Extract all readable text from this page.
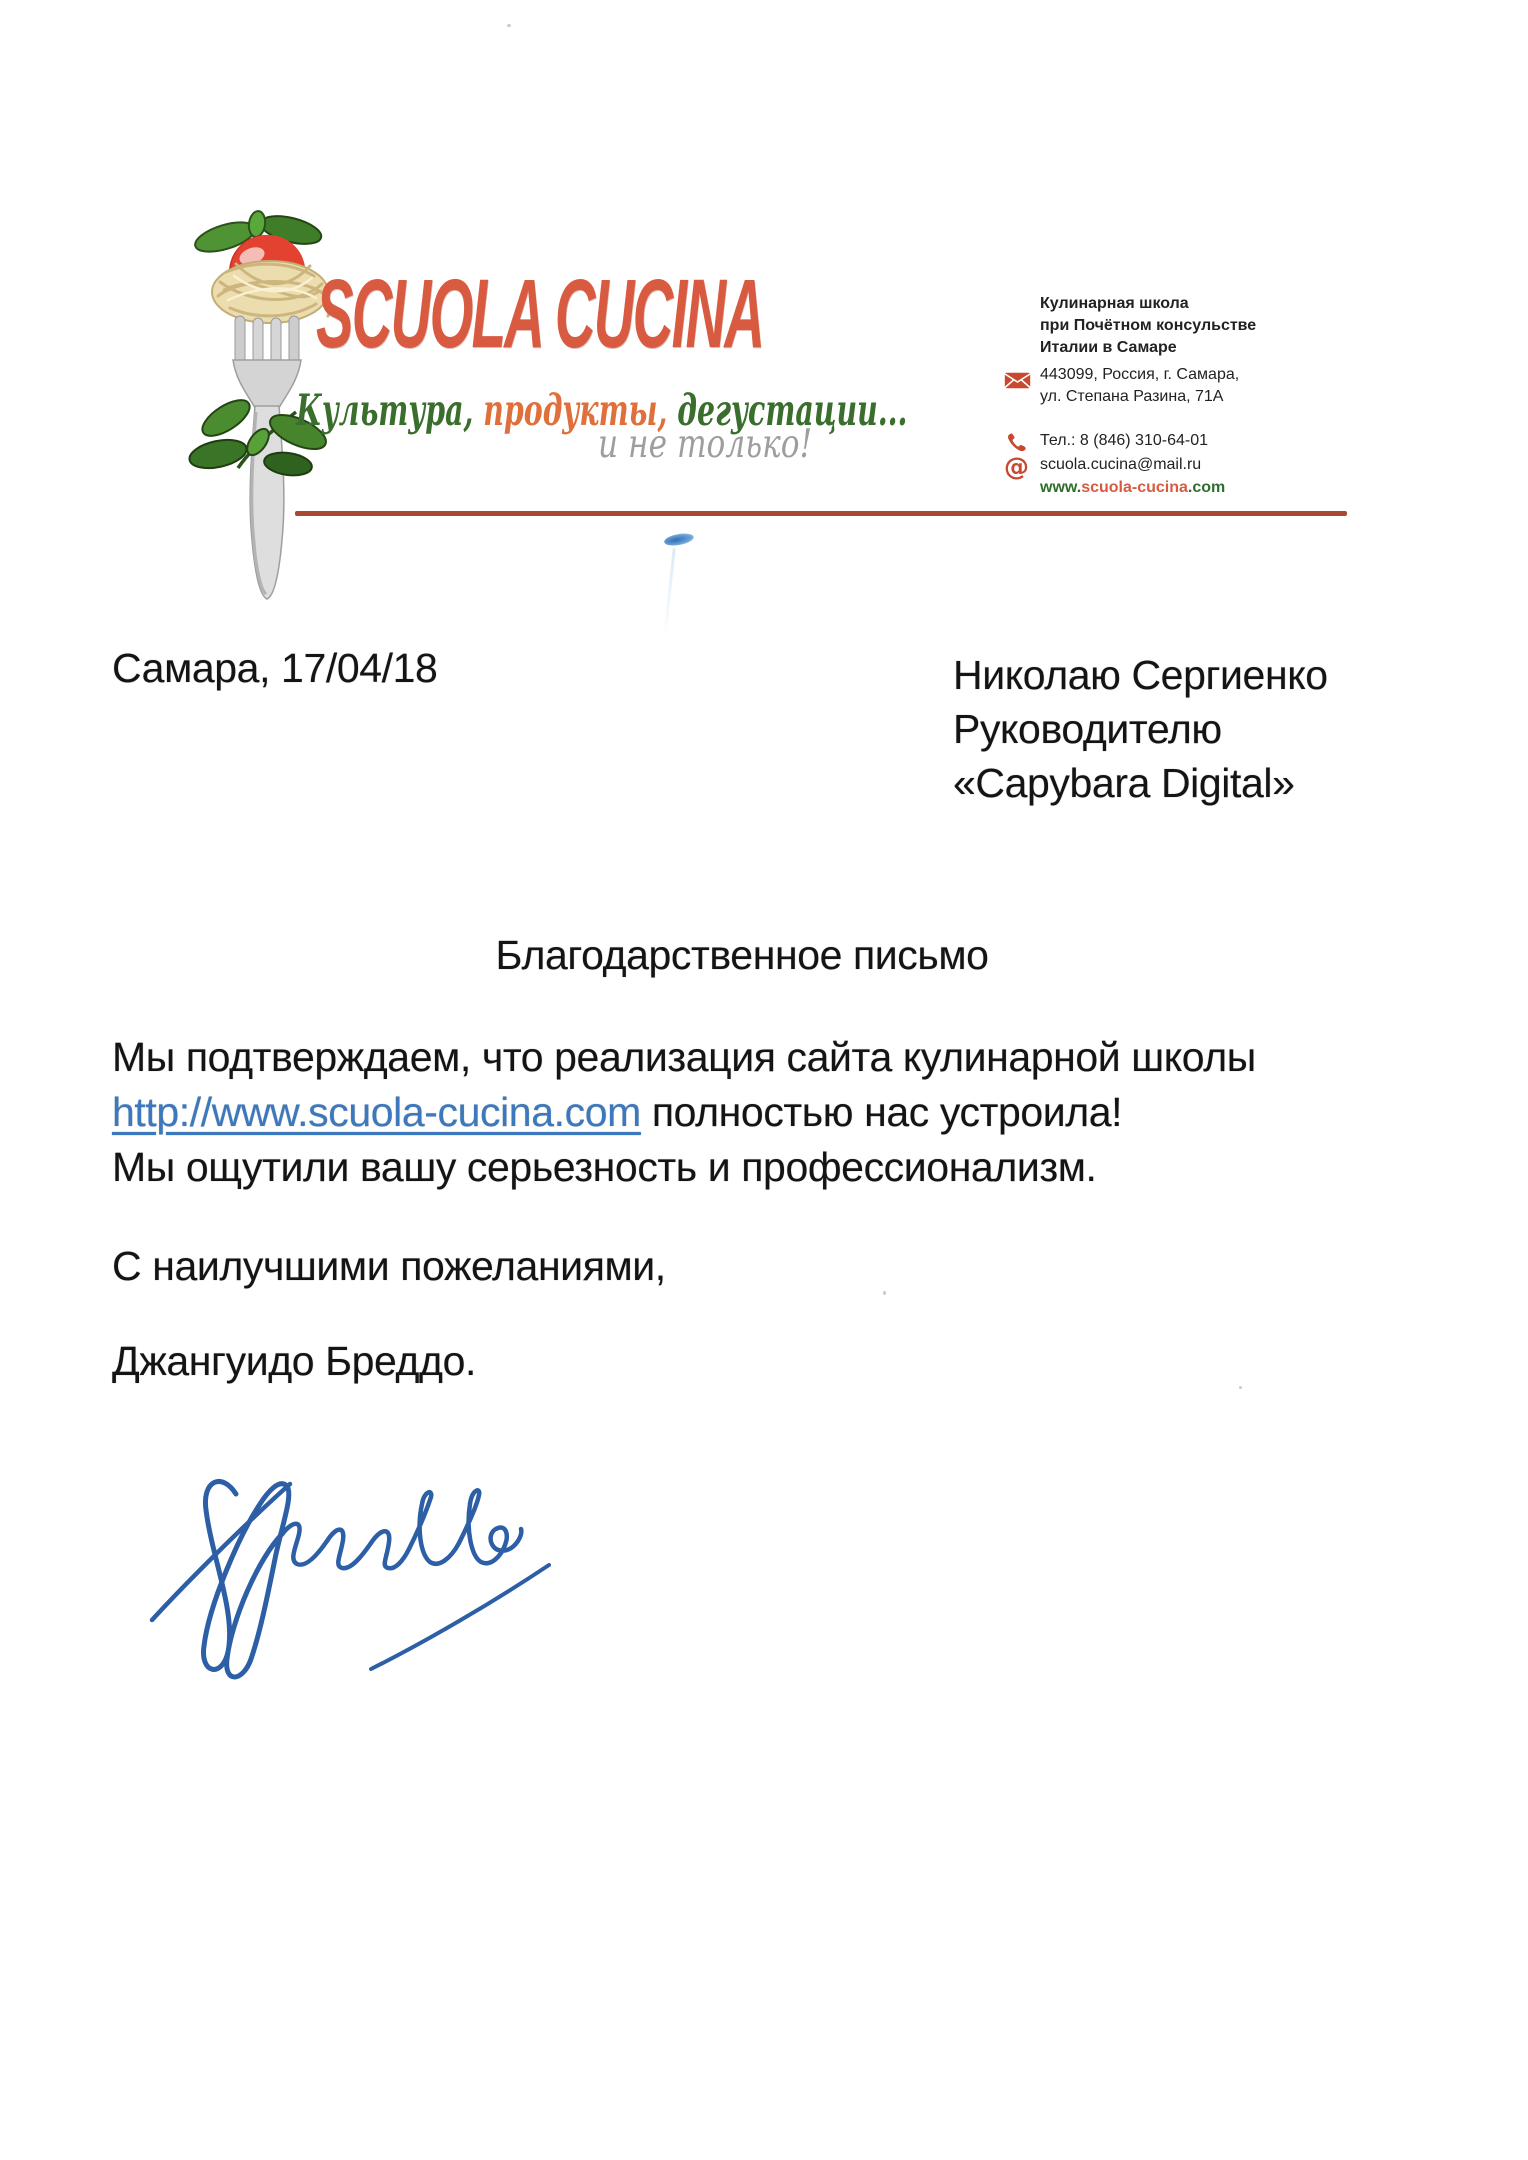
SCUOLA CUCINA
Культура, продукты, дегустации...
и не только!
Кулинарная школа
при Почётном консульстве
Италии в Самаре
443099, Россия, г. Самара,
ул. Степана Разина, 71А
Тел.: 8 (846) 310-64-01
@ scuola.cucina@mail.ru
www.scuola-cucina.com
Самара, 17/04/18	Николаю Сергиенко
Руководителю
«Capybara Digital»
Благодарственное письмо
Мы подтверждаем, что реализация сайта кулинарной школы
http://www.scuola-cucina.com полностью нас устроила!
Мы ощутили вашу серьезность и профессионализм.
С наилучшими пожеланиями,
Джангуидо Бреддо.
